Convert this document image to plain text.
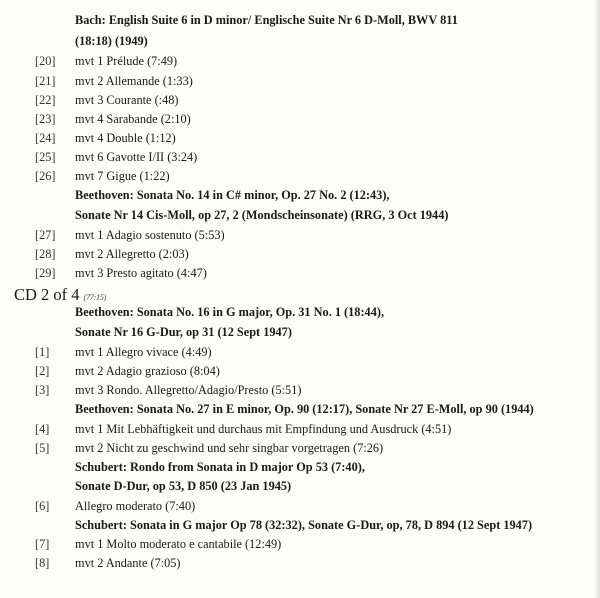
Bach: English Suite 6 in D minor/ Englische Suite Nr 6 D-Moll, BWV 811
(18:18) (1949)
[20] mvt 1 Prélude (7:49)
[21] mvt 2 Allemande (1:33)
[22] mvt 3 Courante (:48)
[23] mvt 4 Sarabande (2:10)
[24] mvt 4 Double (1:12)
[25] mvt 6 Gavotte I/II (3:24)
[26] mvt 7 Gigue (1:22)
Beethoven: Sonata No. 14 in C# minor, Op. 27 No. 2 (12:43),
Sonate Nr 14 Cis-Moll, op 27, 2 (Mondscheinsonate) (RRG, 3 Oct 1944)
[27] mvt 1 Adagio sostenuto (5:53)
[28] mvt 2 Allegretto (2:03)
[29] mvt 3 Presto agitato (4:47)
CD 2 of 4 (77:15)
Beethoven: Sonata No. 16 in G major, Op. 31 No. 1 (18:44),
Sonate Nr 16 G-Dur, op 31 (12 Sept 1947)
[1] mvt 1 Allegro vivace (4:49)
[2] mvt 2 Adagio grazioso (8:04)
[3] mvt 3 Rondo. Allegretto/Adagio/Presto (5:51)
Beethoven: Sonata No. 27 in E minor, Op. 90 (12:17), Sonate Nr 27 E-Moll, op 90 (1944)
[4] mvt 1 Mit Lebhäftigkeit und durchaus mit Empfindung und Ausdruck (4:51)
[5] mvt 2 Nicht zu geschwind und sehr singbar vorgetragen (7:26)
Schubert: Rondo from Sonata in D major Op 53 (7:40),
Sonate D-Dur, op 53, D 850 (23 Jan 1945)
[6] Allegro moderato (7:40)
Schubert: Sonata in G major Op 78 (32:32), Sonate G-Dur, op, 78, D 894 (12 Sept 1947)
[7] mvt 1 Molto moderato e cantabile (12:49)
[8] mvt 2 Andante (7:05)
